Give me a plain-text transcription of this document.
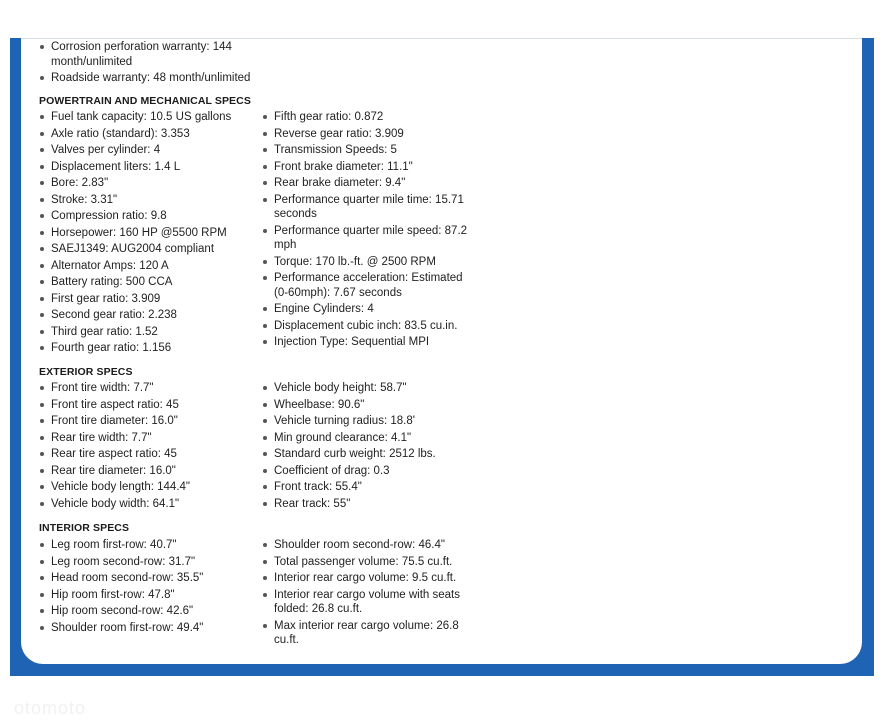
Corrosion perforation warranty: 144 month/unlimited
Roadside warranty: 48 month/unlimited
POWERTRAIN AND MECHANICAL SPECS
Fuel tank capacity: 10.5 US gallons
Axle ratio (standard): 3.353
Valves per cylinder: 4
Displacement liters: 1.4 L
Bore: 2.83"
Stroke: 3.31"
Compression ratio: 9.8
Horsepower: 160 HP @5500 RPM
SAEJ1349: AUG2004 compliant
Alternator Amps: 120 A
Battery rating: 500 CCA
First gear ratio: 3.909
Second gear ratio: 2.238
Third gear ratio: 1.52
Fourth gear ratio: 1.156
Fifth gear ratio: 0.872
Reverse gear ratio: 3.909
Transmission Speeds: 5
Front brake diameter: 11.1"
Rear brake diameter: 9.4"
Performance quarter mile time: 15.71 seconds
Performance quarter mile speed: 87.2 mph
Torque: 170 lb.-ft. @ 2500 RPM
Performance acceleration: Estimated (0-60mph): 7.67 seconds
Engine Cylinders: 4
Displacement cubic inch: 83.5 cu.in.
Injection Type: Sequential MPI
EXTERIOR SPECS
Front tire width: 7.7"
Front tire aspect ratio: 45
Front tire diameter: 16.0"
Rear tire width: 7.7"
Rear tire aspect ratio: 45
Rear tire diameter: 16.0"
Vehicle body length: 144.4"
Vehicle body width: 64.1"
Vehicle body height: 58.7"
Wheelbase: 90.6"
Vehicle turning radius: 18.8'
Min ground clearance: 4.1"
Standard curb weight: 2512 lbs.
Coefficient of drag: 0.3
Front track: 55.4"
Rear track: 55"
INTERIOR SPECS
Leg room first-row: 40.7"
Leg room second-row: 31.7"
Head room second-row: 35.5"
Hip room first-row: 47.8"
Hip room second-row: 42.6"
Shoulder room first-row: 49.4"
Shoulder room second-row: 46.4"
Total passenger volume: 75.5 cu.ft.
Interior rear cargo volume: 9.5 cu.ft.
Interior rear cargo volume with seats folded: 26.8 cu.ft.
Max interior rear cargo volume: 26.8 cu.ft.
otomoto
